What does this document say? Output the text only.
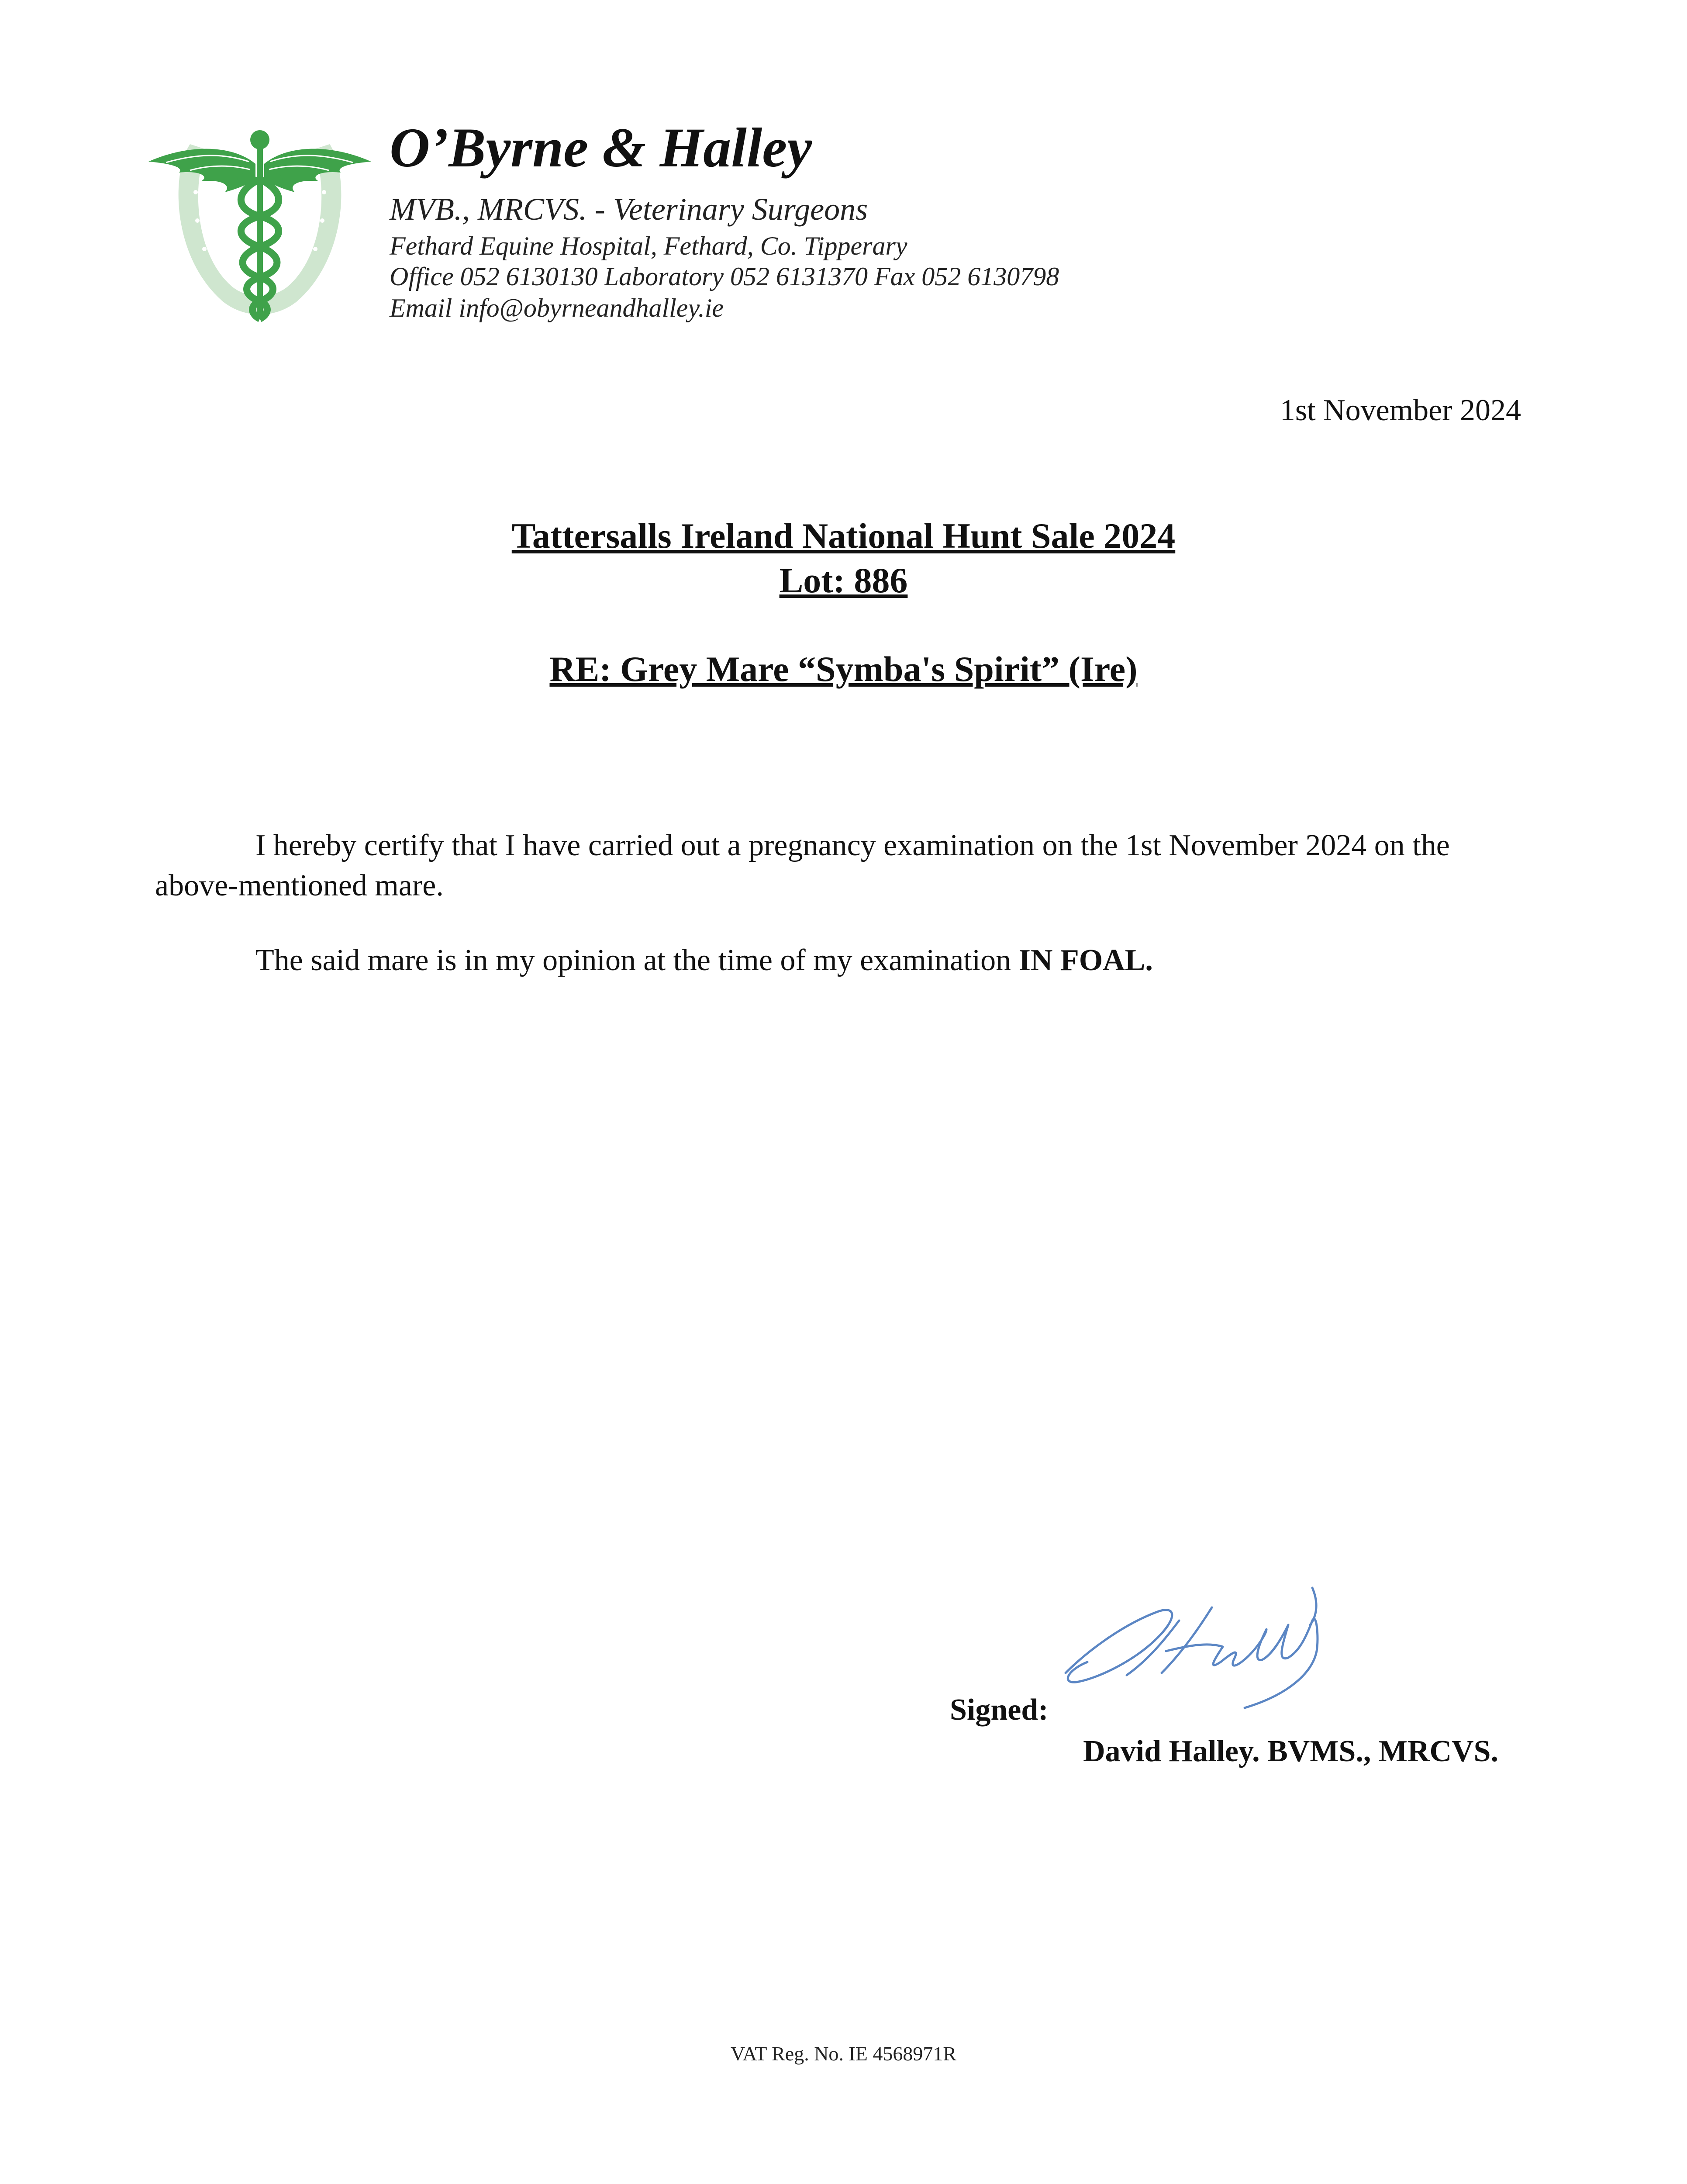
O’Byrne & Halley
MVB., MRCVS. - Veterinary Surgeons
Fethard Equine Hospital, Fethard, Co. Tipperary
Office 052 6130130 Laboratory 052 6131370 Fax 052 6130798
Email info@obyrneandhalley.ie
1st November 2024
Tattersalls Ireland National Hunt Sale 2024
Lot: 886
RE: Grey Mare “Symba's Spirit” (Ire)
I hereby certify that I have carried out a pregnancy examination on the 1st November 2024 on the above-mentioned mare.
The said mare is in my opinion at the time of my examination IN FOAL.
Signed:
David Halley. BVMS., MRCVS.
VAT Reg. No. IE 4568971R
